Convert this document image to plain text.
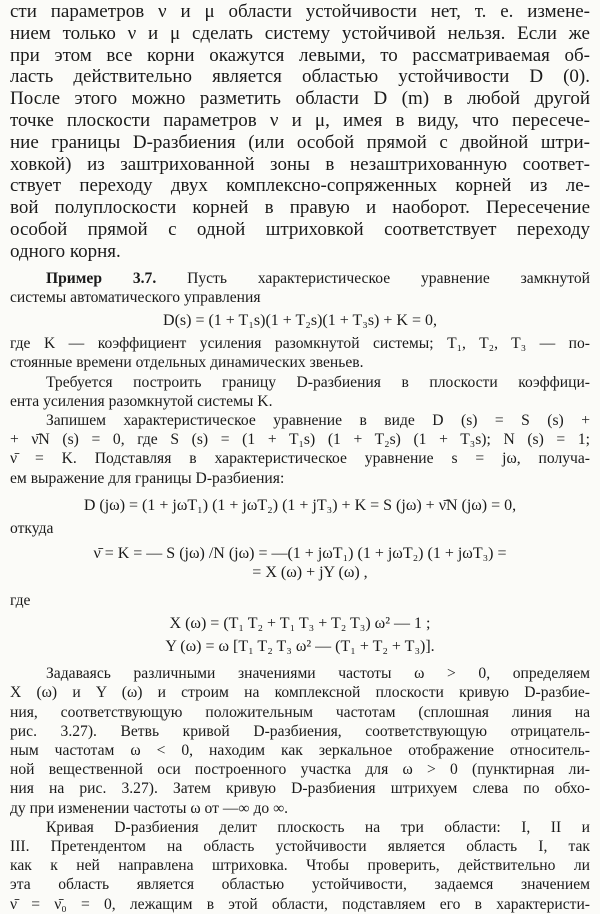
сти параметров ν и μ области устойчивости нет, т. е. измене-
нием только ν и μ сделать систему устойчивой нельзя. Если же
при этом все корни окажутся левыми, то рассматриваемая об-
ласть действительно является областью устойчивости D (0).
После этого можно разметить области D (m) в любой другой
точке плоскости параметров ν и μ, имея в виду, что пересече-
ние границы D-разбиения (или особой прямой с двойной штри-
ховкой) из заштрихованной зоны в незаштрихованную соответ-
ствует переходу двух комплексно-сопряженных корней из ле-
вой полуплоскости корней в правую и наоборот. Пересечение
особой прямой с одной штриховкой соответствует переходу
одного корня.
Пример 3.7. Пусть характеристическое уравнение замкнутой
системы автоматического управления
D(s) = (1 + T₁s)(1 + T₂s)(1 + T₃s) + K = 0,
где K — коэффициент усиления разомкнутой системы; T₁, T₂, T₃ — по-
стоянные времени отдельных динамических звеньев.
Требуется построить границу D-разбиения в плоскости коэффици-
ента усиления разомкнутой системы K.
Запишем характеристическое уравнение в виде D (s) = S (s) +
+ ν̄N (s) = 0, где S (s) = (1 + T₁s) (1 + T₂s) (1 + T₃s); N (s) = 1;
ν̄ = K. Подставляя в характеристическое уравнение s = jω, получа-
ем выражение для границы D-разбиения:
D (jω) = (1 + jωT₁) (1 + jωT₂) (1 + jT₃) + K = S (jω) + ν̄N (jω) = 0,
откуда
ν̄ = K = — S (jω) /N (jω) = —(1 + jωT₁) (1 + jωT₂) (1 + jωT₃) =
= X (ω) + jY (ω) ,
где
X (ω) = (T₁ T₂ + T₁ T₃ + T₂ T₃) ω² — 1 ;
Y (ω) = ω [T₁ T₂ T₃ ω² — (T₁ + T₂ + T₃)].
Задаваясь различными значениями частоты ω > 0, определяем
X (ω) и Y (ω) и строим на комплексной плоскости кривую D-разбие-
ния, соответствующую положительным частотам (сплошная линия на
рис. 3.27). Ветвь кривой D-разбиения, соответствующую отрицатель-
ным частотам ω < 0, находим как зеркальное отображение относитель-
ной вещественной оси построенного участка для ω > 0 (пунктирная ли-
ния на рис. 3.27). Затем кривую D-разбиения штрихуем слева по обхо-
ду при изменении частоты ω от —∞ до ∞.
Кривая D-разбиения делит плоскость на три области: I, II и
III. Претендентом на область устойчивости является область I, так
как к ней направлена штриховка. Чтобы проверить, действительно ли
эта область является областью устойчивости, задаемся значением
ν̄ = ν̄₀ = 0, лежащим в этой области, подставляем его в характеристи-
